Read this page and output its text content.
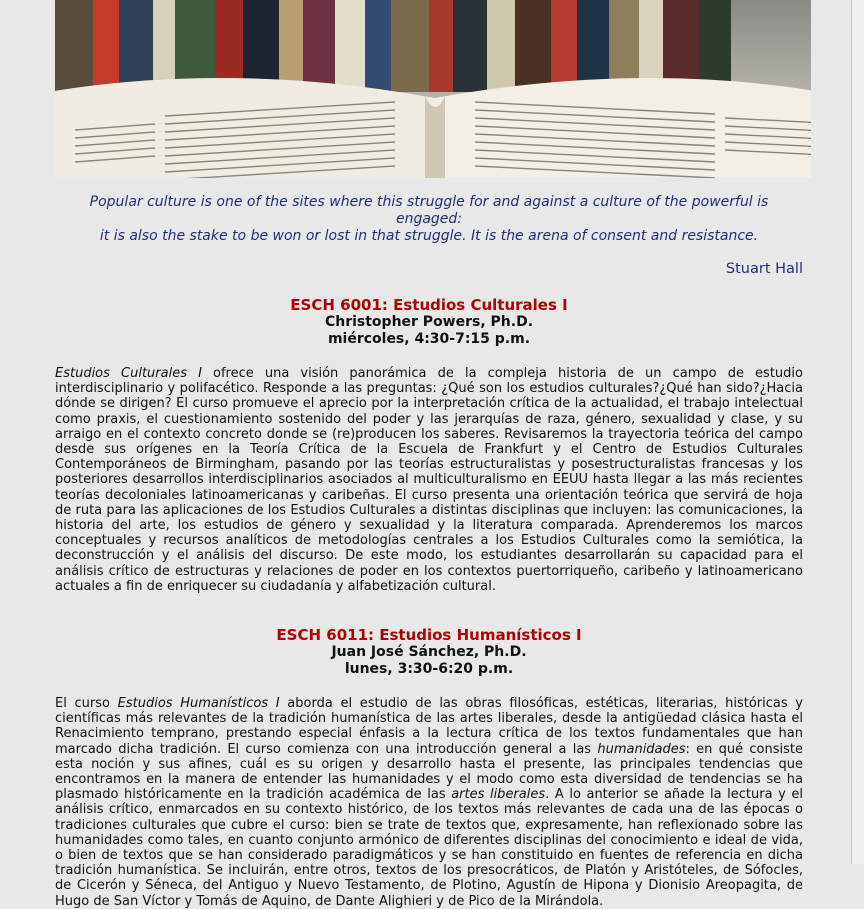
Popular culture is one of the sites where this struggle for and against a culture of the powerful is engaged:
it is also the stake to be won or lost in that struggle. It is the arena of consent and resistance.
Stuart Hall
ESCH 6001: Estudios Culturales I
Christopher Powers, Ph.D.
miércoles, 4:30-7:15 p.m.
Estudios Culturales I ofrece una visión panorámica de la compleja historia de un campo de estudio interdisciplinario y polifacético. Responde a las preguntas: ¿Qué son los estudios culturales?¿Qué han sido?¿Hacia dónde se dirigen? El curso promueve el aprecio por la interpretación crítica de la actualidad, el trabajo intelectual como praxis, el cuestionamiento sostenido del poder y las jerarquías de raza, género, sexualidad y clase, y su arraigo en el contexto concreto donde se (re)producen los saberes. Revisaremos la trayectoria teórica del campo desde sus orígenes en la Teoría Crítica de la Escuela de Frankfurt y el Centro de Estudios Culturales Contemporáneos de Birmingham, pasando por las teorías estructuralistas y posestructuralistas francesas y los posteriores desarrollos interdisciplinarios asociados al multiculturalismo en EEUU hasta llegar a las más recientes teorías decoloniales latinoamericanas y caribeñas. El curso presenta una orientación teórica que servirá de hoja de ruta para las aplicaciones de los Estudios Culturales a distintas disciplinas que incluyen: las comunicaciones, la historia del arte, los estudios de género y sexualidad y la literatura comparada. Aprenderemos los marcos conceptuales y recursos analíticos de metodologías centrales a los Estudios Culturales como la semiótica, la deconstrucción y el análisis del discurso. De este modo, los estudiantes desarrollarán su capacidad para el análisis crítico de estructuras y relaciones de poder en los contextos puertorriqueño, caribeño y latinoamericano actuales a fin de enriquecer su ciudadanía y alfabetización cultural.
ESCH 6011: Estudios Humanísticos I
Juan José Sánchez, Ph.D.
lunes, 3:30-6:20 p.m.
El curso Estudios Humanísticos I aborda el estudio de las obras filosóficas, estéticas, literarias, históricas y científicas más relevantes de la tradición humanística de las artes liberales, desde la antigüedad clásica hasta el Renacimiento temprano, prestando especial énfasis a la lectura crítica de los textos fundamentales que han marcado dicha tradición. El curso comienza con una introducción general a las humanidades: en qué consiste esta noción y sus afines, cuál es su origen y desarrollo hasta el presente, las principales tendencias que encontramos en la manera de entender las humanidades y el modo como esta diversidad de tendencias se ha plasmado históricamente en la tradición académica de las artes liberales. A lo anterior se añade la lectura y el análisis crítico, enmarcados en su contexto histórico, de los textos más relevantes de cada una de las épocas o tradiciones culturales que cubre el curso: bien se trate de textos que, expresamente, han reflexionado sobre las humanidades como tales, en cuanto conjunto armónico de diferentes disciplinas del conocimiento e ideal de vida, o bien de textos que se han considerado paradigmáticos y se han constituido en fuentes de referencia en dicha tradición humanística. Se incluirán, entre otros, textos de los presocráticos, de Platón y Aristóteles, de Sófocles, de Cicerón y Séneca, del Antiguo y Nuevo Testamento, de Plotino, Agustín de Hipona y Dionisio Areopagita, de Hugo de San Víctor y Tomás de Aquino, de Dante Alighieri y de Pico de la Mirándola.
